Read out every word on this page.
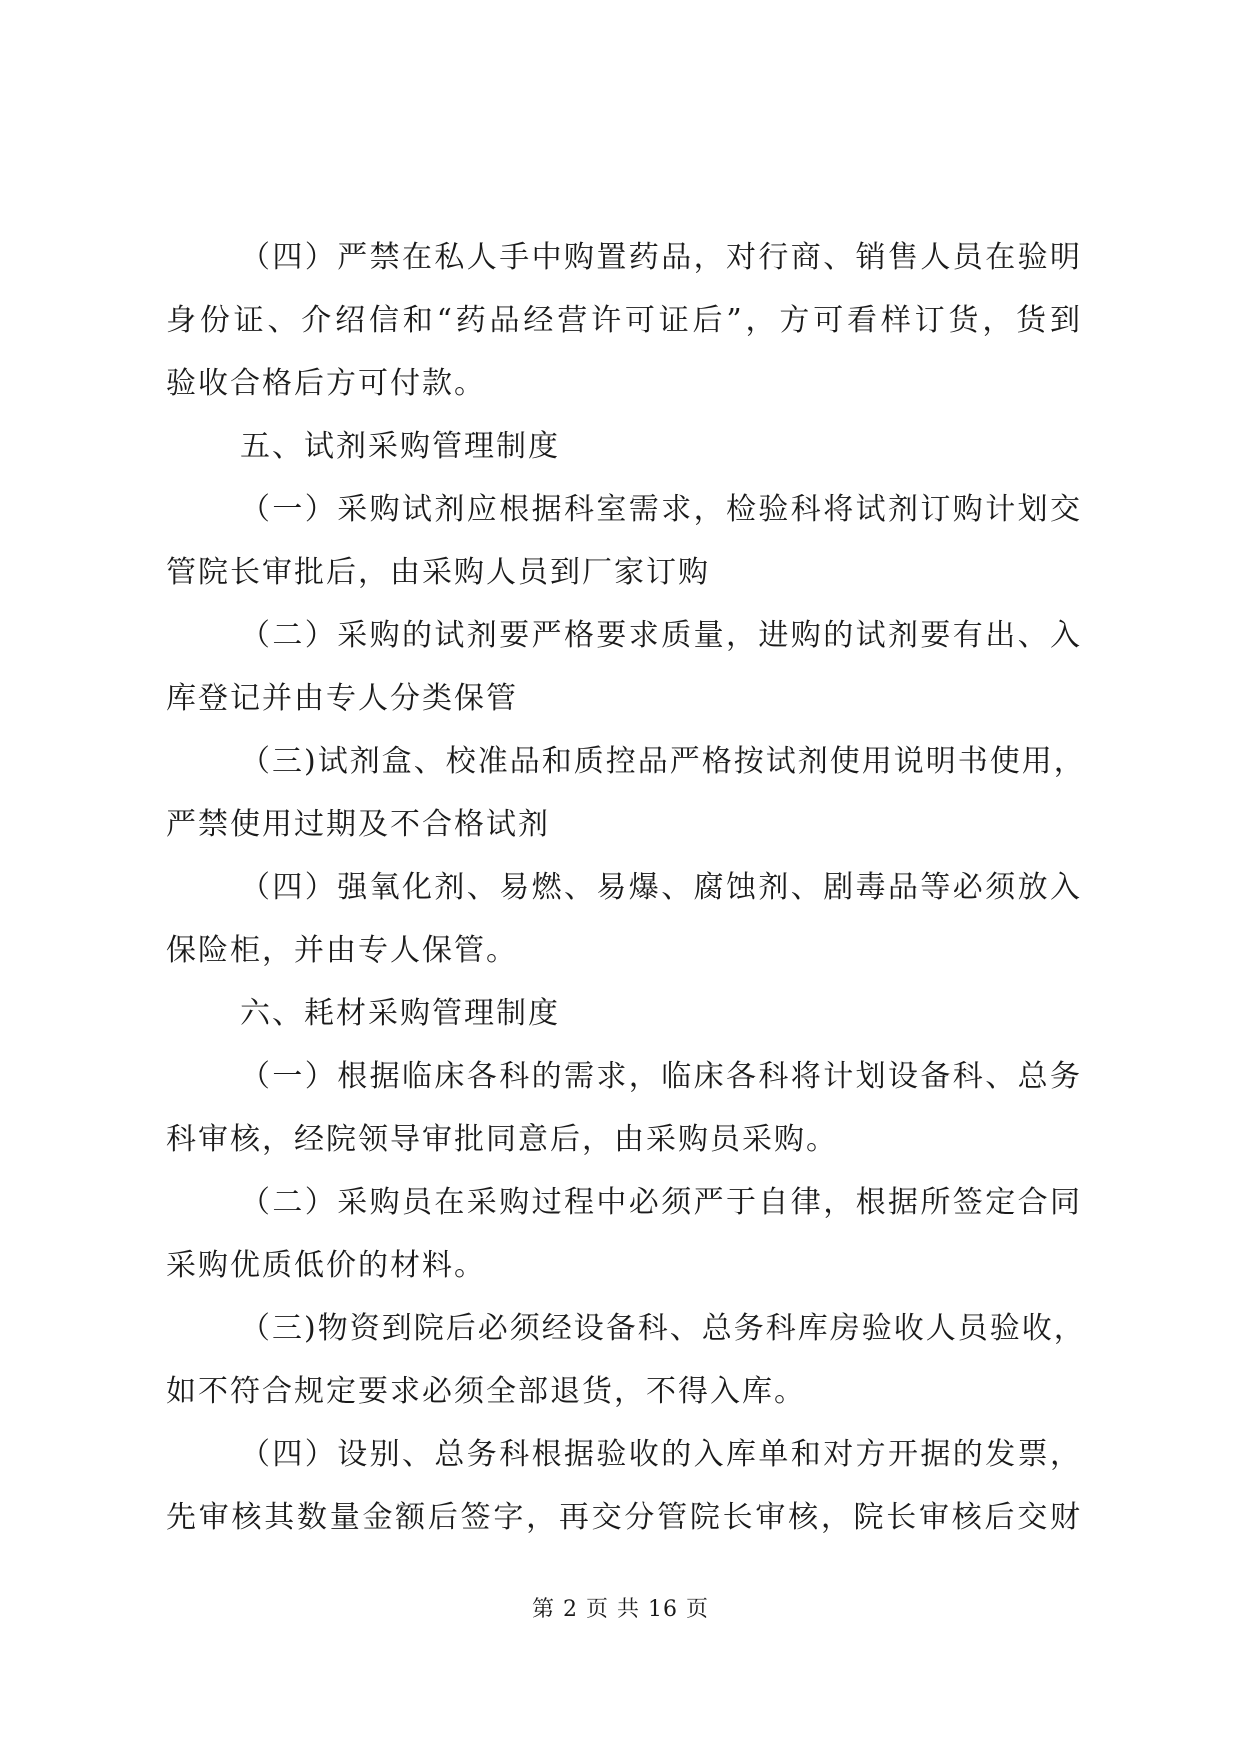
（四）严禁在私人手中购置药品，对行商、销售人员在验明
身份证、介绍信和“药品经营许可证后”，方可看样订货，货到
验收合格后方可付款。
五、试剂采购管理制度
（一）采购试剂应根据科室需求，检验科将试剂订购计划交
管院长审批后，由采购人员到厂家订购
（二）采购的试剂要严格要求质量，进购的试剂要有出、入
库登记并由专人分类保管
（三)试剂盒、校准品和质控品严格按试剂使用说明书使用，
严禁使用过期及不合格试剂
（四）强氧化剂、易燃、易爆、腐蚀剂、剧毒品等必须放入
保险柜，并由专人保管。
六、耗材采购管理制度
（一）根据临床各科的需求，临床各科将计划设备科、总务
科审核，经院领导审批同意后，由采购员采购。
（二）采购员在采购过程中必须严于自律，根据所签定合同
采购优质低价的材料。
（三)物资到院后必须经设备科、总务科库房验收人员验收，
如不符合规定要求必须全部退货，不得入库。
（四）设别、总务科根据验收的入库单和对方开据的发票，
先审核其数量金额后签字，再交分管院长审核，院长审核后交财
第 2 页 共 16 页
